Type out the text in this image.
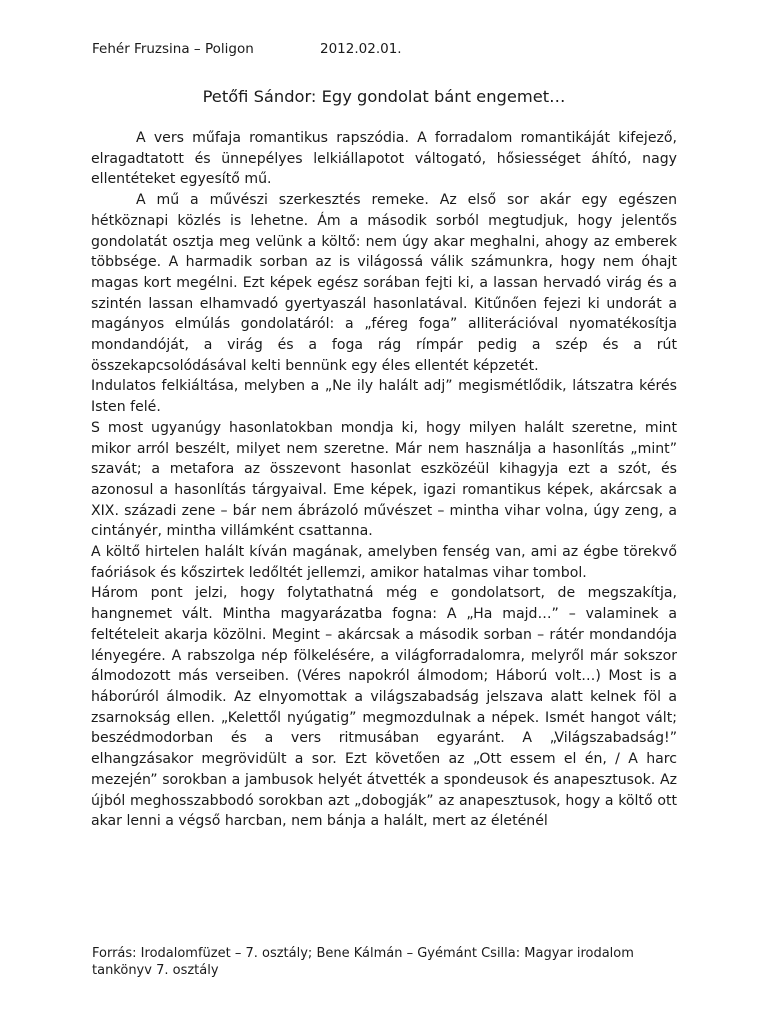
Fehér Fruzsina – Poligon	2012.02.01.
Petőfi Sándor: Egy gondolat bánt engemet…

A vers műfaja romantikus rapszódia. A forradalom romantikáját kifejező, elragadtatott és ünnepélyes lelkiállapotot váltogató, hősiességet áhító, nagy ellentéteket egyesítő mű.

A mű a művészi szerkesztés remeke. Az első sor akár egy egészen hétköznapi közlés is lehetne. Ám a második sorból megtudjuk, hogy jelentős gondolatát osztja meg velünk a költő: nem úgy akar meghalni, ahogy az emberek többsége. A harmadik sorban az is világossá válik számunkra, hogy nem óhajt magas kort megélni. Ezt képek egész sorában fejti ki, a lassan hervadó virág és a szintén lassan elhamvadó gyertyaszál hasonlatával. Kitűnően fejezi ki undorát a magányos elmúlás gondolatáról: a „féreg foga” alliterációval nyomatékosítja mondandóját, a virág és a foga rág rímpár pedig a szép és a rút összekapcsolódásával kelti bennünk egy éles ellentét képzetét.

Indulatos felkiáltása, melyben a „Ne ily halált adj” megismétlődik, látszatra kérés Isten felé.

S most ugyanúgy hasonlatokban mondja ki, hogy milyen halált szeretne, mint mikor arról beszélt, milyet nem szeretne. Már nem használja a hasonlítás „mint” szavát; a metafora az összevont hasonlat eszközéül kihagyja ezt a szót, és azonosul a hasonlítás tárgyaival. Eme képek, igazi romantikus képek, akárcsak a XIX. századi zene – bár nem ábrázoló művészet – mintha vihar volna, úgy zeng, a cintányér, mintha villámként csattanna.

A költő hirtelen halált kíván magának, amelyben fenség van, ami az égbe törekvő faóriások és kőszirtek ledőltét jellemzi, amikor hatalmas vihar tombol.

Három pont jelzi, hogy folytathatná még e gondolatsort, de megszakítja, hangnemet vált. Mintha magyarázatba fogna: A „Ha majd…” – valaminek a feltételeit akarja közölni. Megint – akárcsak a második sorban – rátér mondandója lényegére. A rabszolga nép fölkelésére, a világforradalomra, melyről már sokszor álmodozott más verseiben. (Véres napokról álmodom; Háború volt…) Most is a háborúról álmodik. Az elnyomottak a világszabadság jelszava alatt kelnek föl a zsarnokság ellen. „Kelettől nyúgatig” megmozdulnak a népek. Ismét hangot vált; beszédmodorban és a vers ritmusában egyaránt. A „Világszabadság!” elhangzásakor megrövidült a sor. Ezt követően az „Ott essem el én, / A harc mezején” sorokban a jambusok helyét átvették a spondeusok és anapesztusok. Az újból meghosszabbodó sorokban azt „dobogják” az anapesztusok, hogy a költő ott akar lenni a végső harcban, nem bánja a halált, mert az életénél

Forrás: Irodalomfüzet – 7. osztály; Bene Kálmán – Gyémánt Csilla: Magyar irodalom tankönyv 7. osztály
